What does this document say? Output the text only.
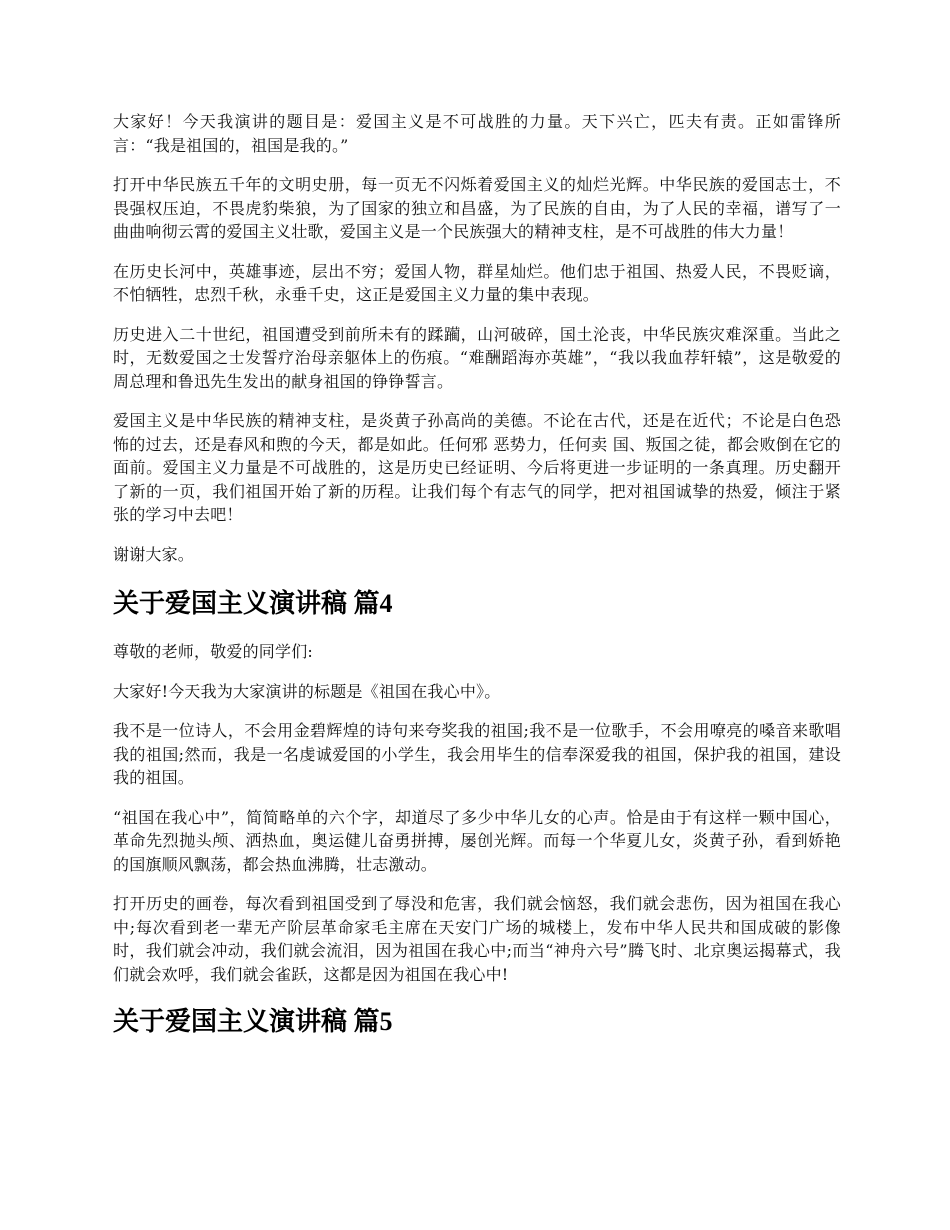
大家好！今天我演讲的题目是：爱国主义是不可战胜的力量。天下兴亡，匹夫有责。正如雷锋所言：“我是祖国的，祖国是我的。”

打开中华民族五千年的文明史册，每一页无不闪烁着爱国主义的灿烂光辉。中华民族的爱国志士，不畏强权压迫，不畏虎豹柴狼，为了国家的独立和昌盛，为了民族的自由，为了人民的幸福，谱写了一曲曲响彻云霄的爱国主义壮歌，爱国主义是一个民族强大的精神支柱，是不可战胜的伟大力量！

在历史长河中，英雄事迹，层出不穷；爱国人物，群星灿烂。他们忠于祖国、热爱人民，不畏贬谪，不怕牺牲，忠烈千秋，永垂千史，这正是爱国主义力量的集中表现。

历史进入二十世纪，祖国遭受到前所未有的蹂躏，山河破碎，国土沦丧，中华民族灾难深重。当此之时，无数爱国之士发誓疗治母亲躯体上的伤痕。“难酬蹈海亦英雄”，“我以我血荐轩辕”，这是敬爱的周总理和鲁迅先生发出的献身祖国的铮铮誓言。

爱国主义是中华民族的精神支柱，是炎黄子孙高尚的美德。不论在古代，还是在近代；不论是白色恐怖的过去，还是春风和煦的今天，都是如此。任何邪 恶势力，任何卖 国、叛国之徒，都会败倒在它的面前。爱国主义力量是不可战胜的，这是历史已经证明、今后将更进一步证明的一条真理。历史翻开了新的一页，我们祖国开始了新的历程。让我们每个有志气的同学，把对祖国诚挚的热爱，倾注于紧张的学习中去吧！

谢谢大家。

关于爱国主义演讲稿 篇4

尊敬的老师，敬爱的同学们:

大家好!今天我为大家演讲的标题是《祖国在我心中》。

我不是一位诗人，不会用金碧辉煌的诗句来夸奖我的祖国;我不是一位歌手，不会用嘹亮的嗓音来歌唱我的祖国;然而，我是一名虔诚爱国的小学生，我会用毕生的信奉深爱我的祖国，保护我的祖国，建设我的祖国。

“祖国在我心中”，简简略单的六个字，却道尽了多少中华儿女的心声。恰是由于有这样一颗中国心，革命先烈抛头颅、洒热血，奥运健儿奋勇拼搏，屡创光辉。而每一个华夏儿女，炎黄子孙，看到娇艳的国旗顺风飘荡，都会热血沸腾，壮志激动。

打开历史的画卷，每次看到祖国受到了辱没和危害，我们就会恼怒，我们就会悲伤，因为祖国在我心中;每次看到老一辈无产阶层革命家毛主席在天安门广场的城楼上，发布中华人民共和国成破的影像时，我们就会冲动，我们就会流泪，因为祖国在我心中;而当“神舟六号”腾飞时、北京奥运揭幕式，我们就会欢呼，我们就会雀跃，这都是因为祖国在我心中!

关于爱国主义演讲稿 篇5
